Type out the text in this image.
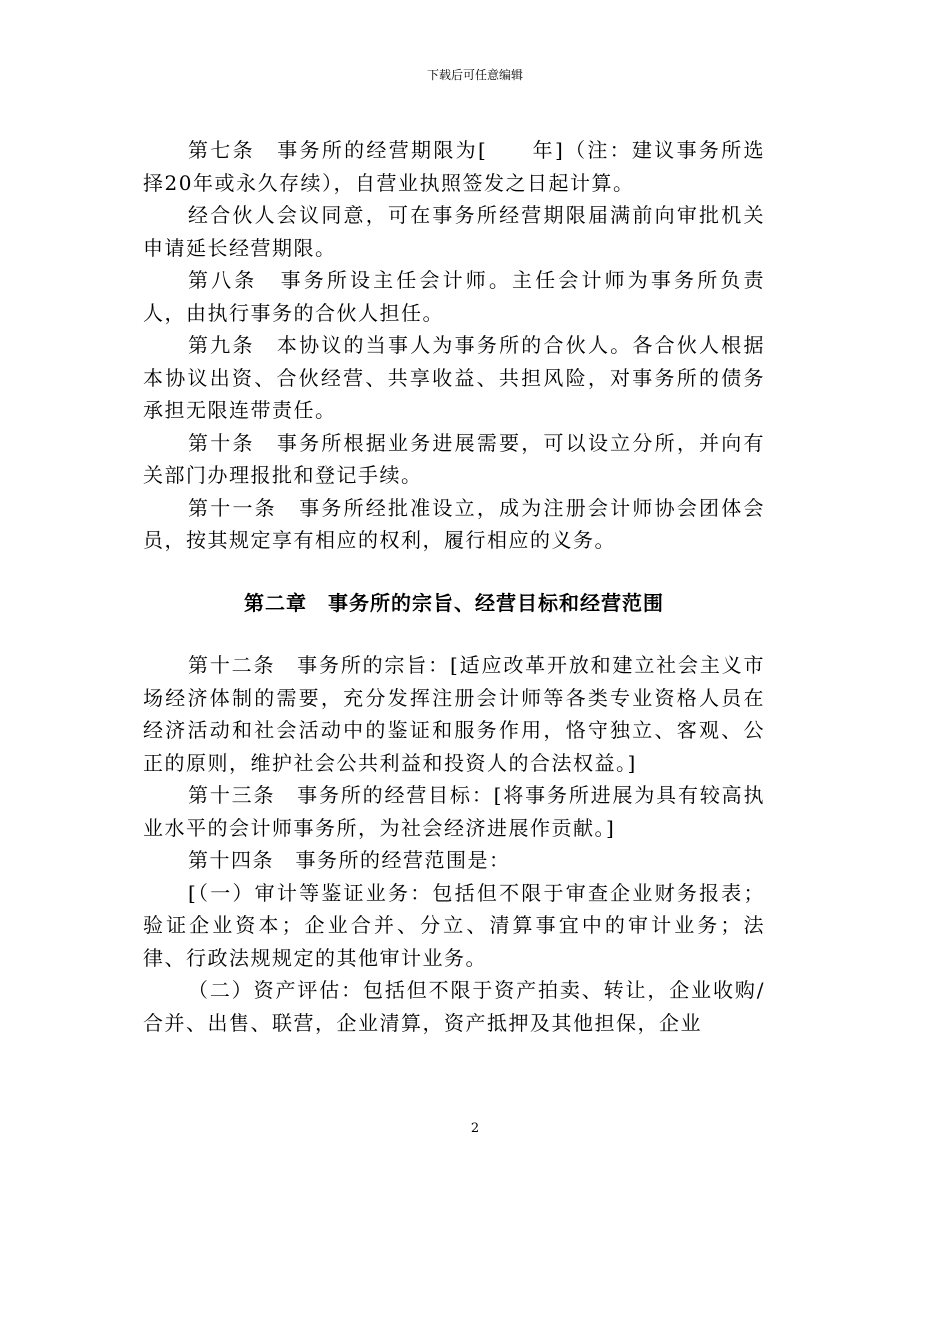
下载后可任意编辑

第七条　事务所的经营期限为[　　年]（注：建议事务所选择20年或永久存续），自营业执照签发之日起计算。

经合伙人会议同意，可在事务所经营期限届满前向审批机关申请延长经营期限。

第八条　事务所设主任会计师。主任会计师为事务所负责人，由执行事务的合伙人担任。

第九条　本协议的当事人为事务所的合伙人。各合伙人根据本协议出资、合伙经营、共享收益、共担风险，对事务所的债务承担无限连带责任。

第十条　事务所根据业务进展需要，可以设立分所，并向有关部门办理报批和登记手续。

第十一条　事务所经批准设立，成为注册会计师协会团体会员，按其规定享有相应的权利，履行相应的义务。

第二章　事务所的宗旨、经营目标和经营范围

第十二条　事务所的宗旨：[适应改革开放和建立社会主义市场经济体制的需要，充分发挥注册会计师等各类专业资格人员在经济活动和社会活动中的鉴证和服务作用，恪守独立、客观、公正的原则，维护社会公共利益和投资人的合法权益。]

第十三条　事务所的经营目标：[将事务所进展为具有较高执业水平的会计师事务所，为社会经济进展作贡献。]

第十四条　事务所的经营范围是：

[（一）审计等鉴证业务：包括但不限于审查企业财务报表；验证企业资本；企业合并、分立、清算事宜中的审计业务；法律、行政法规规定的其他审计业务。

（二）资产评估：包括但不限于资产拍卖、转让，企业收购/合并、出售、联营，企业清算，资产抵押及其他担保，企业

2
